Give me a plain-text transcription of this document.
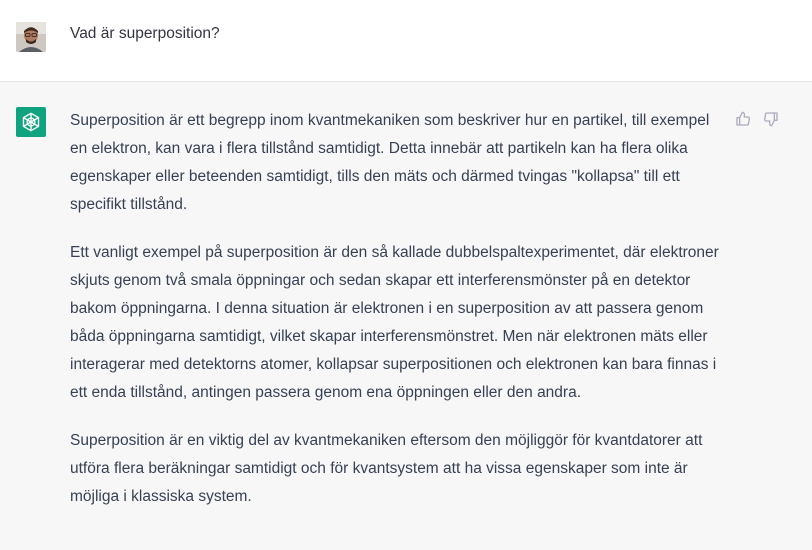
Vad är superposition?

Superposition är ett begrepp inom kvantmekaniken som beskriver hur en partikel, till exempel en elektron, kan vara i flera tillstånd samtidigt. Detta innebär att partikeln kan ha flera olika egenskaper eller beteenden samtidigt, tills den mäts och därmed tvingas "kollapsa" till ett specifikt tillstånd.

Ett vanligt exempel på superposition är den så kallade dubbelspaltexperimentet, där elektroner skjuts genom två smala öppningar och sedan skapar ett interferensmönster på en detektor bakom öppningarna. I denna situation är elektronen i en superposition av att passera genom båda öppningarna samtidigt, vilket skapar interferensmönstret. Men när elektronen mäts eller interagerar med detektorns atomer, kollapsar superpositionen och elektronen kan bara finnas i ett enda tillstånd, antingen passera genom ena öppningen eller den andra.

Superposition är en viktig del av kvantmekaniken eftersom den möjliggör för kvantdatorer att utföra flera beräkningar samtidigt och för kvantsystem att ha vissa egenskaper som inte är möjliga i klassiska system.
